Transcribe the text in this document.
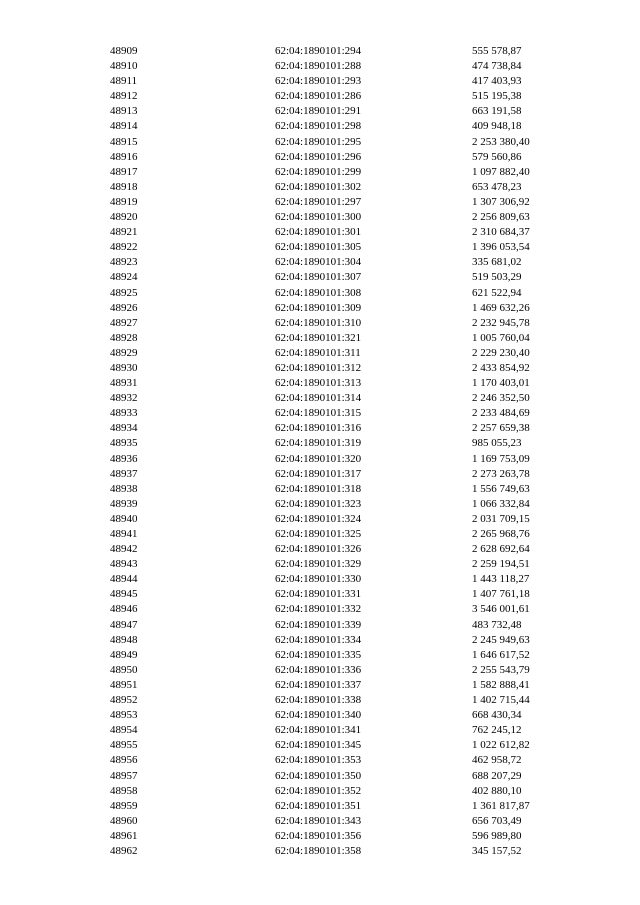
48909	62:04:1890101:294	555 578,87
48910	62:04:1890101:288	474 738,84
48911	62:04:1890101:293	417 403,93
48912	62:04:1890101:286	515 195,38
48913	62:04:1890101:291	663 191,58
48914	62:04:1890101:298	409 948,18
48915	62:04:1890101:295	2 253 380,40
48916	62:04:1890101:296	579 560,86
48917	62:04:1890101:299	1 097 882,40
48918	62:04:1890101:302	653 478,23
48919	62:04:1890101:297	1 307 306,92
48920	62:04:1890101:300	2 256 809,63
48921	62:04:1890101:301	2 310 684,37
48922	62:04:1890101:305	1 396 053,54
48923	62:04:1890101:304	335 681,02
48924	62:04:1890101:307	519 503,29
48925	62:04:1890101:308	621 522,94
48926	62:04:1890101:309	1 469 632,26
48927	62:04:1890101:310	2 232 945,78
48928	62:04:1890101:321	1 005 760,04
48929	62:04:1890101:311	2 229 230,40
48930	62:04:1890101:312	2 433 854,92
48931	62:04:1890101:313	1 170 403,01
48932	62:04:1890101:314	2 246 352,50
48933	62:04:1890101:315	2 233 484,69
48934	62:04:1890101:316	2 257 659,38
48935	62:04:1890101:319	985 055,23
48936	62:04:1890101:320	1 169 753,09
48937	62:04:1890101:317	2 273 263,78
48938	62:04:1890101:318	1 556 749,63
48939	62:04:1890101:323	1 066 332,84
48940	62:04:1890101:324	2 031 709,15
48941	62:04:1890101:325	2 265 968,76
48942	62:04:1890101:326	2 628 692,64
48943	62:04:1890101:329	2 259 194,51
48944	62:04:1890101:330	1 443 118,27
48945	62:04:1890101:331	1 407 761,18
48946	62:04:1890101:332	3 546 001,61
48947	62:04:1890101:339	483 732,48
48948	62:04:1890101:334	2 245 949,63
48949	62:04:1890101:335	1 646 617,52
48950	62:04:1890101:336	2 255 543,79
48951	62:04:1890101:337	1 582 888,41
48952	62:04:1890101:338	1 402 715,44
48953	62:04:1890101:340	668 430,34
48954	62:04:1890101:341	762 245,12
48955	62:04:1890101:345	1 022 612,82
48956	62:04:1890101:353	462 958,72
48957	62:04:1890101:350	688 207,29
48958	62:04:1890101:352	402 880,10
48959	62:04:1890101:351	1 361 817,87
48960	62:04:1890101:343	656 703,49
48961	62:04:1890101:356	596 989,80
48962	62:04:1890101:358	345 157,52
